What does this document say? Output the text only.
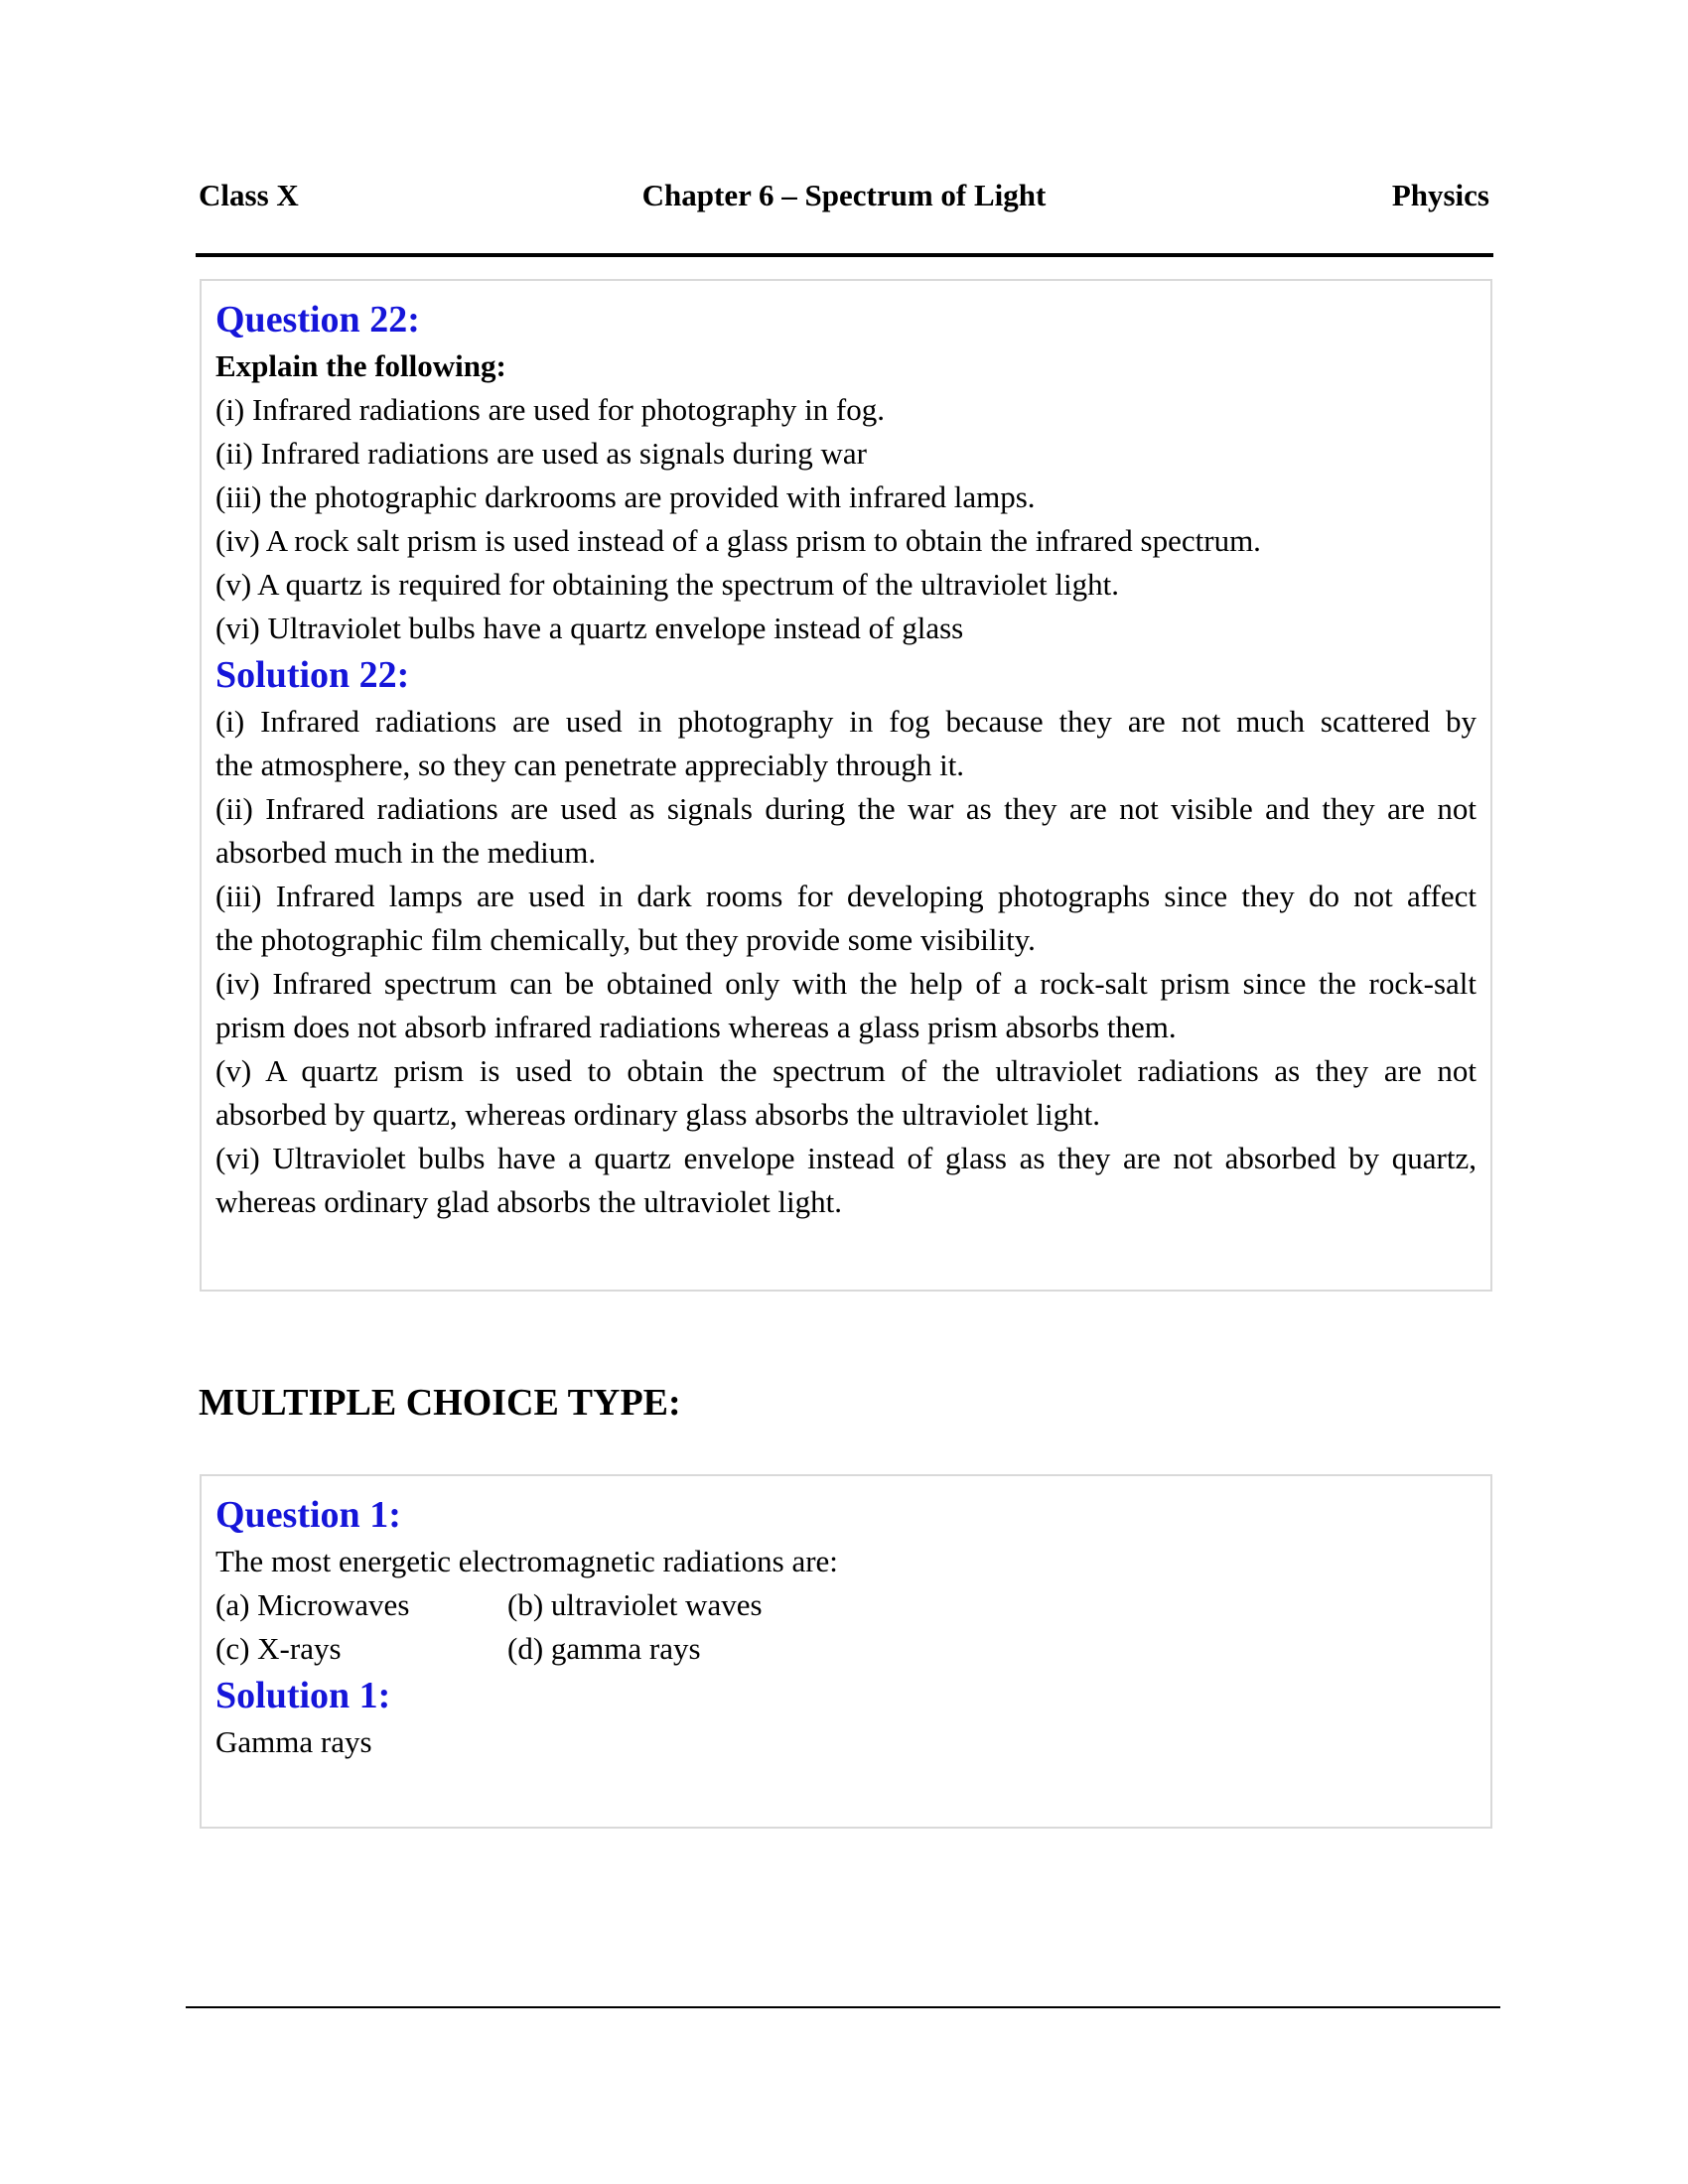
Class X	Chapter 6 – Spectrum of Light	Physics
Question 22:
Explain the following:
(i) Infrared radiations are used for photography in fog.
(ii) Infrared radiations are used as signals during war
(iii) the photographic darkrooms are provided with infrared lamps.
(iv) A rock salt prism is used instead of a glass prism to obtain the infrared spectrum.
(v) A quartz is required for obtaining the spectrum of the ultraviolet light.
(vi) Ultraviolet bulbs have a quartz envelope instead of glass
Solution 22:
(i) Infrared radiations are used in photography in fog because they are not much scattered by
the atmosphere, so they can penetrate appreciably through it.
(ii) Infrared radiations are used as signals during the war as they are not visible and they are not
absorbed much in the medium.
(iii) Infrared lamps are used in dark rooms for developing photographs since they do not affect
the photographic film chemically, but they provide some visibility.
(iv) Infrared spectrum can be obtained only with the help of a rock-salt prism since the rock-salt
prism does not absorb infrared radiations whereas a glass prism absorbs them.
(v) A quartz prism is used to obtain the spectrum of the ultraviolet radiations as they are not
absorbed by quartz, whereas ordinary glass absorbs the ultraviolet light.
(vi) Ultraviolet bulbs have a quartz envelope instead of glass as they are not absorbed by quartz,
whereas ordinary glad absorbs the ultraviolet light.
MULTIPLE CHOICE TYPE:
Question 1:
The most energetic electromagnetic radiations are:
(a) Microwaves	(b) ultraviolet waves
(c) X-rays	(d) gamma rays
Solution 1:
Gamma rays
